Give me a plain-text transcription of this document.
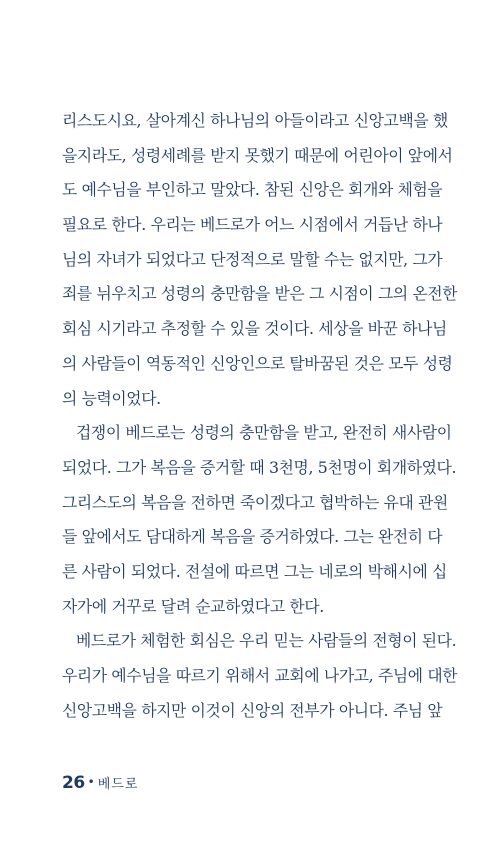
리스도시요, 살아계신 하나님의 아들이라고 신앙고백을 했
을지라도, 성령세례를 받지 못했기 때문에 어린아이 앞에서
도 예수님을 부인하고 말았다. 참된 신앙은 회개와 체험을
필요로 한다. 우리는 베드로가 어느 시점에서 거듭난 하나
님의 자녀가 되었다고 단정적으로 말할 수는 없지만, 그가
죄를 뉘우치고 성령의 충만함을 받은 그 시점이 그의 온전한
회심 시기라고 추정할 수 있을 것이다. 세상을 바꾼 하나님
의 사람들이 역동적인 신앙인으로 탈바꿈된 것은 모두 성령
의 능력이었다.
겁쟁이 베드로는 성령의 충만함을 받고, 완전히 새사람이
되었다. 그가 복음을 증거할 때 3천명, 5천명이 회개하였다.
그리스도의 복음을 전하면 죽이겠다고 협박하는 유대 관원
들 앞에서도 담대하게 복음을 증거하였다. 그는 완전히 다
른 사람이 되었다. 전설에 따르면 그는 네로의 박해시에 십
자가에 거꾸로 달려 순교하였다고 한다.
베드로가 체험한 회심은 우리 믿는 사람들의 전형이 된다.
우리가 예수님을 따르기 위해서 교회에 나가고, 주님에 대한
신앙고백을 하지만 이것이 신앙의 전부가 아니다. 주님 앞
26 • 베드로
